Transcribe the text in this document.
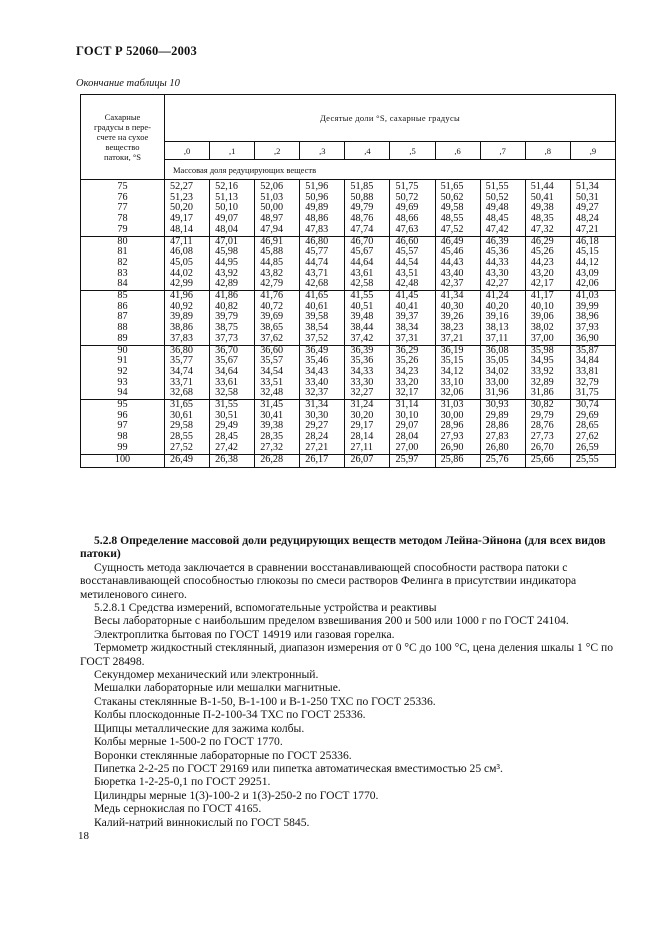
ГОСТ Р 52060—2003
Окончание таблицы 10
Сахарные
градусы в пере-
счете на сухое
вещество
патоки, °S	Десятые доли °S, сахарные градусы									
	,0	,1	,2	,3	,4	,5	,6	,7	,8	,9
	Массовая доля редуцирующих веществ									
75	52,27	52,16	52,06	51,96	51,85	51,75	51,65	51,55	51,44	51,34
76	51,23	51,13	51,03	50,96	50,88	50,72	50,62	50,52	50,41	50,31
77	50,20	50,10	50,00	49,89	49,79	49,69	49,58	49,48	49,38	49,27
78	49,17	49,07	48,97	48,86	48,76	48,66	48,55	48,45	48,35	48,24
79	48,14	48,04	47,94	47,83	47,74	47,63	47,52	47,42	47,32	47,21
80	47,11	47,01	46,91	46,80	46,70	46,60	46,49	46,39	46,29	46,18
81	46,08	45,98	45,88	45,77	45,67	45,57	45,46	45,36	45,26	45,15
82	45,05	44,95	44,85	44,74	44,64	44,54	44,43	44,33	44,23	44,12
83	44,02	43,92	43,82	43,71	43,61	43,51	43,40	43,30	43,20	43,09
84	42,99	42,89	42,79	42,68	42,58	42,48	42,37	42,27	42,17	42,06
85	41,96	41,86	41,76	41,65	41,55	41,45	41,34	41,24	41,17	41,03
86	40,92	40,82	40,72	40,61	40,51	40,41	40,30	40,20	40,10	39,99
87	39,89	39,79	39,69	39,58	39,48	39,37	39,26	39,16	39,06	38,96
88	38,86	38,75	38,65	38,54	38,44	38,34	38,23	38,13	38,02	37,93
89	37,83	37,73	37,62	37,52	37,42	37,31	37,21	37,11	37,00	36,90
90	36,80	36,70	36,60	36,49	36,39	36,29	36,19	36,08	35,98	35,87
91	35,77	35,67	35,57	35,46	35,36	35,26	35,15	35,05	34,95	34,84
92	34,74	34,64	34,54	34,43	34,33	34,23	34,12	34,02	33,92	33,81
93	33,71	33,61	33,51	33,40	33,30	33,20	33,10	33,00	32,89	32,79
94	32,68	32,58	32,48	32,37	32,27	32,17	32,06	31,96	31,86	31,75
95	31,65	31,55	31,45	31,34	31,24	31,14	31,03	30,93	30,82	30,74
96	30,61	30,51	30,41	30,30	30,20	30,10	30,00	29,89	29,79	29,69
97	29,58	29,49	39,38	29,27	29,17	29,07	28,96	28,86	28,76	28,65
98	28,55	28,45	28,35	28,24	28,14	28,04	27,93	27,83	27,73	27,62
99	27,52	27,42	27,32	27,21	27,11	27,00	26,90	26,80	26,70	26,59
100	26,49	26,38	26,28	26,17	26,07	25,97	25,86	25,76	25,66	25,55

5.2.8 Определение массовой доли редуцирующих веществ методом Лейна-Эйнона (для всех видов патоки)

Сущность метода заключается в сравнении восстанавливающей способности раствора патоки с восстанавливающей способностью глюкозы по смеси растворов Фелинга в присутствии индикатора метиленового синего.

5.2.8.1 Средства измерений, вспомогательные устройства и реактивы

Весы лабораторные с наибольшим пределом взвешивания 200 и 500 или 1000 г по ГОСТ 24104.

Электроплитка бытовая по ГОСТ 14919 или газовая горелка.

Термометр жидкостный стеклянный, диапазон измерения от 0 °С до 100 °С, цена деления шкалы 1 °С по ГОСТ 28498.

Секундомер механический или электронный.

Мешалки лабораторные или мешалки магнитные.

Стаканы стеклянные В-1-50, В-1-100 и В-1-250 ТХС по ГОСТ 25336.

Колбы плоскодонные П-2-100-34 ТХС по ГОСТ 25336.

Щипцы металлические для зажима колбы.

Колбы мерные 1-500-2 по ГОСТ 1770.

Воронки стеклянные лабораторные по ГОСТ 25336.

Пипетка 2-2-25 по ГОСТ 29169 или пипетка автоматическая вместимостью 25 см³.

Бюретка 1-2-25-0,1 по ГОСТ 29251.

Цилиндры мерные 1(3)-100-2 и 1(3)-250-2 по ГОСТ 1770.

Медь сернокислая по ГОСТ 4165.

Калий-натрий виннокислый по ГОСТ 5845.

18
